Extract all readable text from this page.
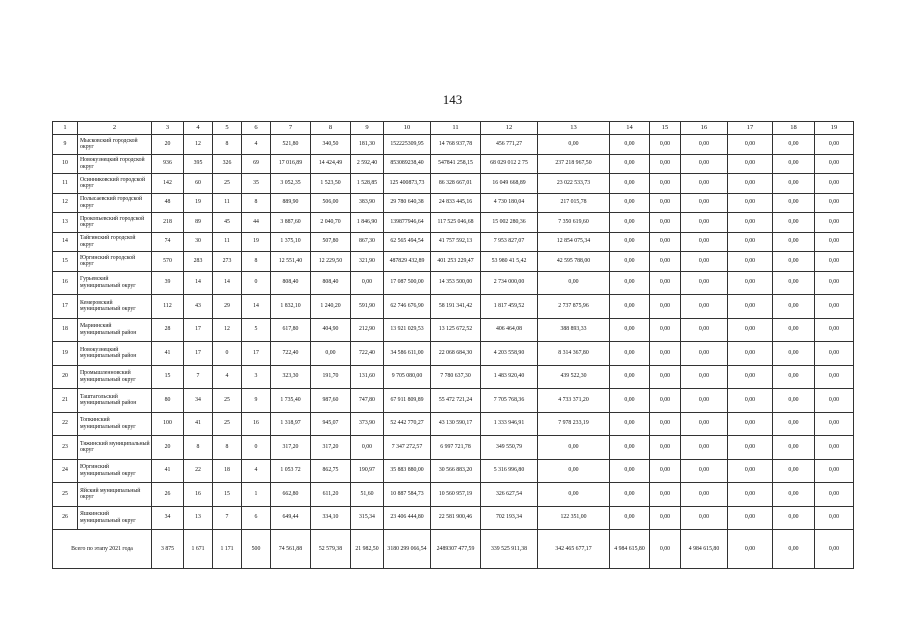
143
1	2	3	4	5	6	7	8	9	10	11	12	13	14	15	16	17	18	19
9	Мысковский городской округ	20	12	8	4	521,80	340,50	181,30	152225309,95	14 768 937,78	456 771,27	0,00	0,00	0,00	0,00	0,00	0,00	0,00
10	Новокузнецкий городской округ	936	395	326	69	17 016,89	14 424,49	2 592,40	853089238,40	547841 258,15	68 029 012 2 75	237 218 967,50	0,00	0,00	0,00	0,00	0,00	0,00
11	Осинниковский городской округ	142	60	25	35	3 052,35	1 523,50	1 528,85	125 400873,73	86 328 667,01	16 049 668,89	23 022 533,73	0,00	0,00	0,00	0,00	0,00	0,00
12	Полысаевский городской округ	48	19	11	8	889,90	506,00	383,90	29 780 640,38	24 833 445,16	4 730 180,04	217 015,78	0,00	0,00	0,00	0,00	0,00	0,00
13	Прокопьевский городской округ	218	89	45	44	3 887,60	2 040,70	1 846,90	139877946,64	117 525 046,68	15 002 280,36	7 350 619,60	0,00	0,00	0,00	0,00	0,00	0,00
14	Тайгинский городской округ	74	30	11	19	1 375,10	507,80	867,30	62 565 494,54	41 757 592,13	7 953 827,07	12 854 075,34	0,00	0,00	0,00	0,00	0,00	0,00
15	Юргинский городской округ	570	283	273	8	12 551,40	12 229,50	321,90	487829 432,89	401 253 229,47	53 980 41 5,42	42 595 788,00	0,00	0,00	0,00	0,00	0,00	0,00
16	Гурьевский муниципальный округ	39	14	14	0	808,40	808,40	0,00	17 087 500,00	14 353 500,00	2 734 000,00	0,00	0,00	0,00	0,00	0,00	0,00	0,00
17	Кемеровский муниципальный округ	112	43	29	14	1 832,10	1 240,20	591,90	62 746 676,90	58 191 341,42	1 817 459,52	2 737 875,96	0,00	0,00	0,00	0,00	0,00	0,00
18	Мариинский муниципальный район	28	17	12	5	617,80	404,90	212,90	13 921 029,53	13 125 672,52	406 464,08	388 893,33	0,00	0,00	0,00	0,00	0,00	0,00
19	Новокузнецкий муниципальный район	41	17	0	17	722,40	0,00	722,40	34 586 611,00	22 068 684,30	4 203 558,90	8 314 367,80	0,00	0,00	0,00	0,00	0,00	0,00
20	Промышленновский муниципальный округ	15	7	4	3	323,30	191,70	131,60	9 705 080,00	7 780 637,30	1 483 920,40	439 522,30	0,00	0,00	0,00	0,00	0,00	0,00
21	Таштагольский муниципальный район	80	34	25	9	1 735,40	987,60	747,80	67 911 809,89	55 472 721,24	7 705 768,36	4 733 371,20	0,00	0,00	0,00	0,00	0,00	0,00
22	Топкинский муниципальный округ	100	41	25	16	1 318,97	945,07	373,90	52 442 770,27	43 130 590,17	1 333 946,91	7 978 233,19	0,00	0,00	0,00	0,00	0,00	0,00
23	Тяжинский муниципальный округ	20	8	8	0	317,20	317,20	0,00	7 347 272,57	6 997 721,78	349 550,79	0,00	0,00	0,00	0,00	0,00	0,00	0,00
24	Юргинский муниципальный округ	41	22	18	4	1 053 72	862,75	190,97	35 883 880,00	30 566 883,20	5 316 996,80	0,00	0,00	0,00	0,00	0,00	0,00	0,00
25	Яйский муниципальный округ	26	16	15	1	662,80	611,20	51,60	10 887 584,73	10 560 957,19	326 627,54	0,00	0,00	0,00	0,00	0,00	0,00	0,00
26	Яшкинский муниципальный округ	34	13	7	6	649,44	334,10	315,34	23 406 444,80	22 581 900,46	702 193,34	122 351,00	0,00	0,00	0,00	0,00	0,00	0,00
Всего по этапу 2021 года		3 875	1 671	1 171	500	74 561,88	52 579,38	21 982,50	3180 299 066,54	2489307 477,59	339 525 911,38	342 465 677,17	4 984 615,80	0,00	4 984 615,80	0,00	0,00	0,00
